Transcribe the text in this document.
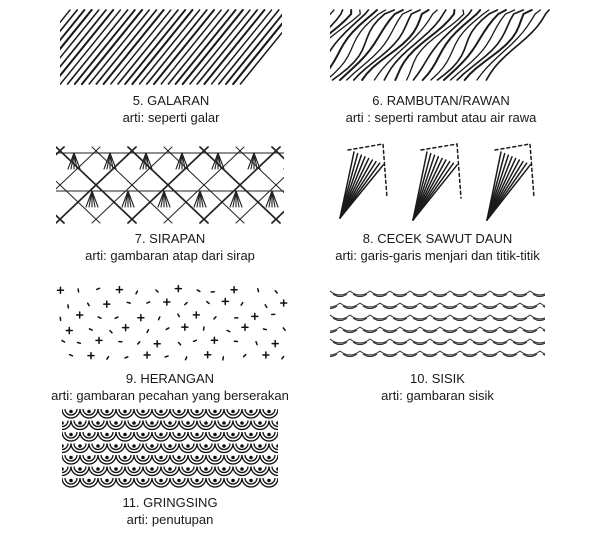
5. GALARAN
arti: seperti galar
6. RAMBUTAN/RAWAN
arti : seperti rambut atau air rawa
7. SIRAPAN
arti: gambaran atap dari sirap
8. CECEK SAWUT DAUN
arti: garis-garis menjari dan titik-titik
9. HERANGAN
arti: gambaran pecahan yang berserakan
10. SISIK
arti: gambaran sisik
11. GRINGSING
arti: penutupan
